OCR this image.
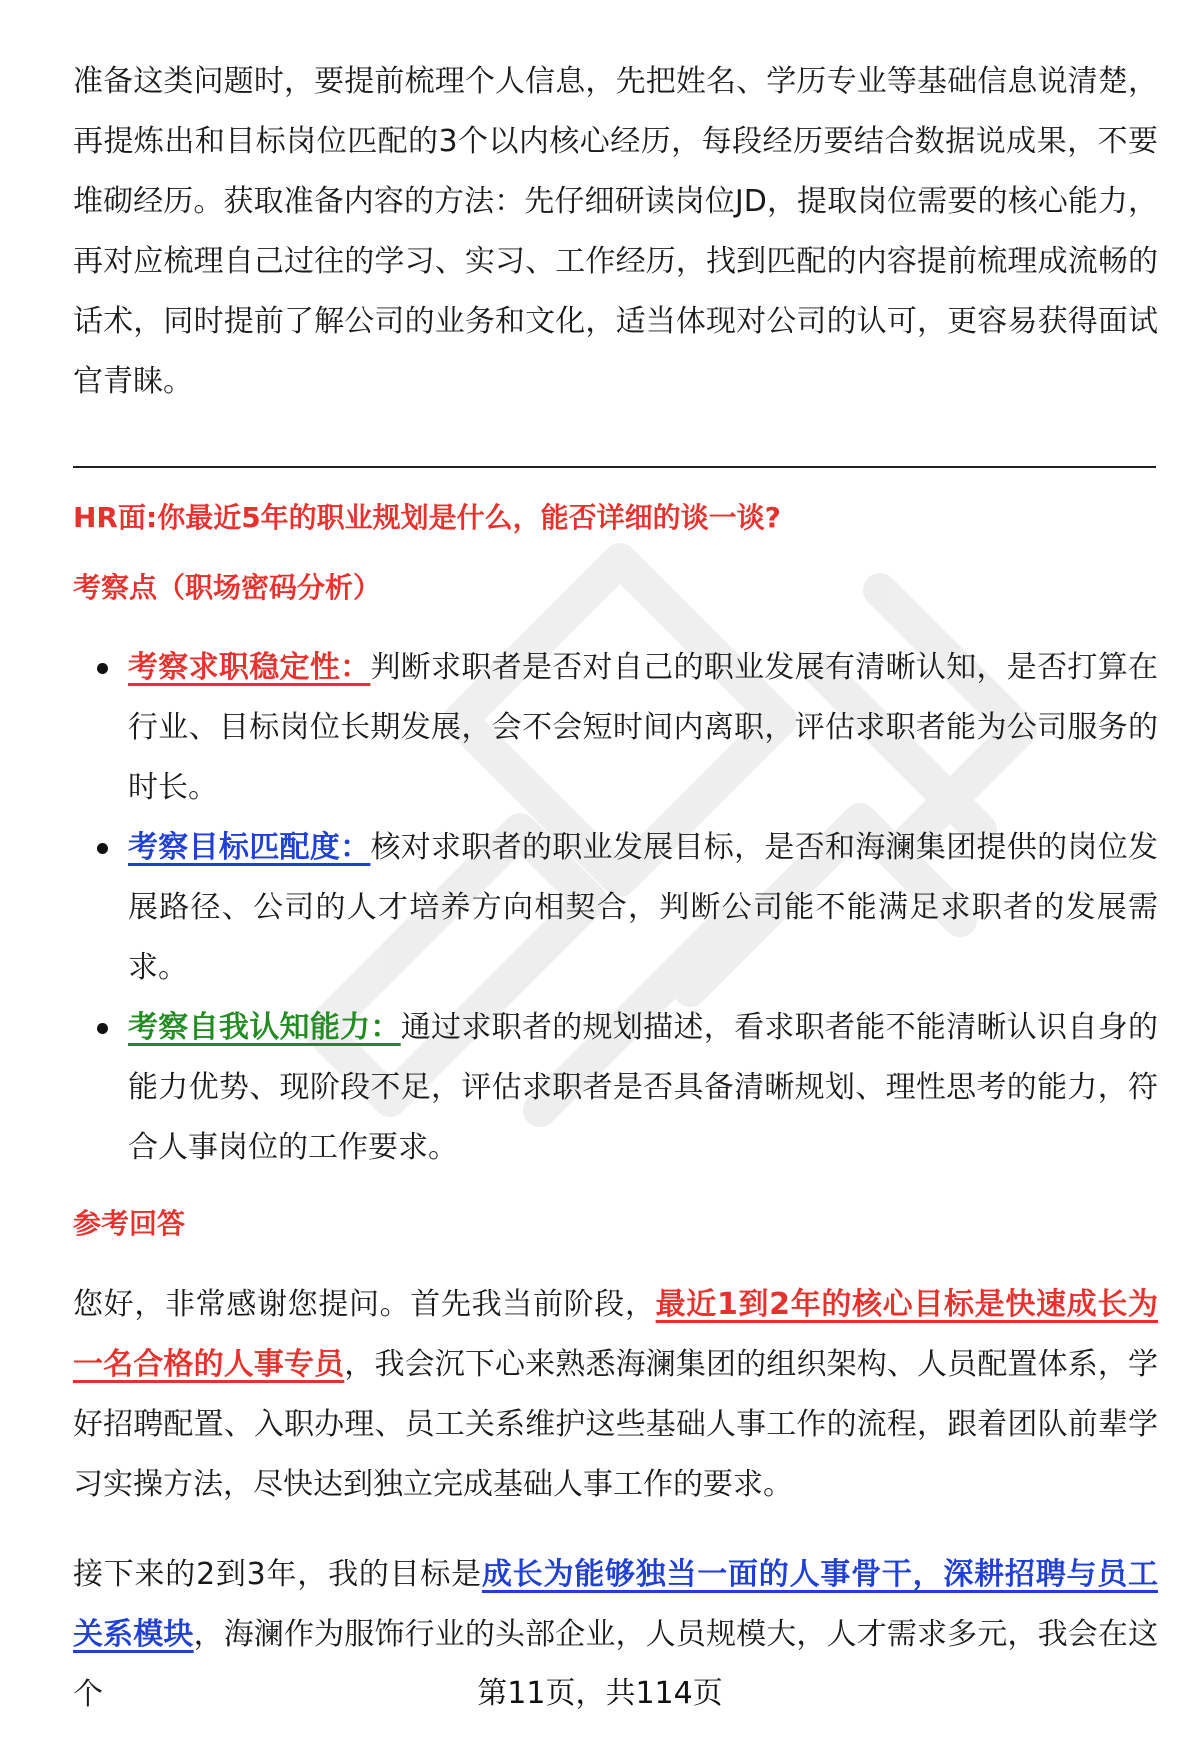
准备这类问题时，要提前梳理个人信息，先把姓名、学历专业等基础信息说清楚，再提炼出和目标岗位匹配的3个以内核心经历，每段经历要结合数据说成果，不要堆砌经历。获取准备内容的方法：先仔细研读岗位JD，提取岗位需要的核心能力，再对应梳理自己过往的学习、实习、工作经历，找到匹配的内容提前梳理成流畅的话术，同时提前了解公司的业务和文化，适当体现对公司的认可，更容易获得面试官青睐。

HR面:你最近5年的职业规划是什么，能否详细的谈一谈?
考察点（职场密码分析）
考察求职稳定性：判断求职者是否对自己的职业发展有清晰认知，是否打算在行业、目标岗位长期发展，会不会短时间内离职，评估求职者能为公司服务的时长。
考察目标匹配度：核对求职者的职业发展目标，是否和海澜集团提供的岗位发展路径、公司的人才培养方向相契合，判断公司能不能满足求职者的发展需求。
考察自我认知能力：通过求职者的规划描述，看求职者能不能清晰认识自身的能力优势、现阶段不足，评估求职者是否具备清晰规划、理性思考的能力，符合人事岗位的工作要求。
参考回答

您好，非常感谢您提问。首先我当前阶段，最近1到2年的核心目标是快速成长为一名合格的人事专员，我会沉下心来熟悉海澜集团的组织架构、人员配置体系，学好招聘配置、入职办理、员工关系维护这些基础人事工作的流程，跟着团队前辈学习实操方法，尽快达到独立完成基础人事工作的要求。

接下来的2到3年，我的目标是成长为能够独当一面的人事骨干，深耕招聘与员工关系模块，海澜作为服饰行业的头部企业，人员规模大，人才需求多元，我会在这个	第11页，共114页
